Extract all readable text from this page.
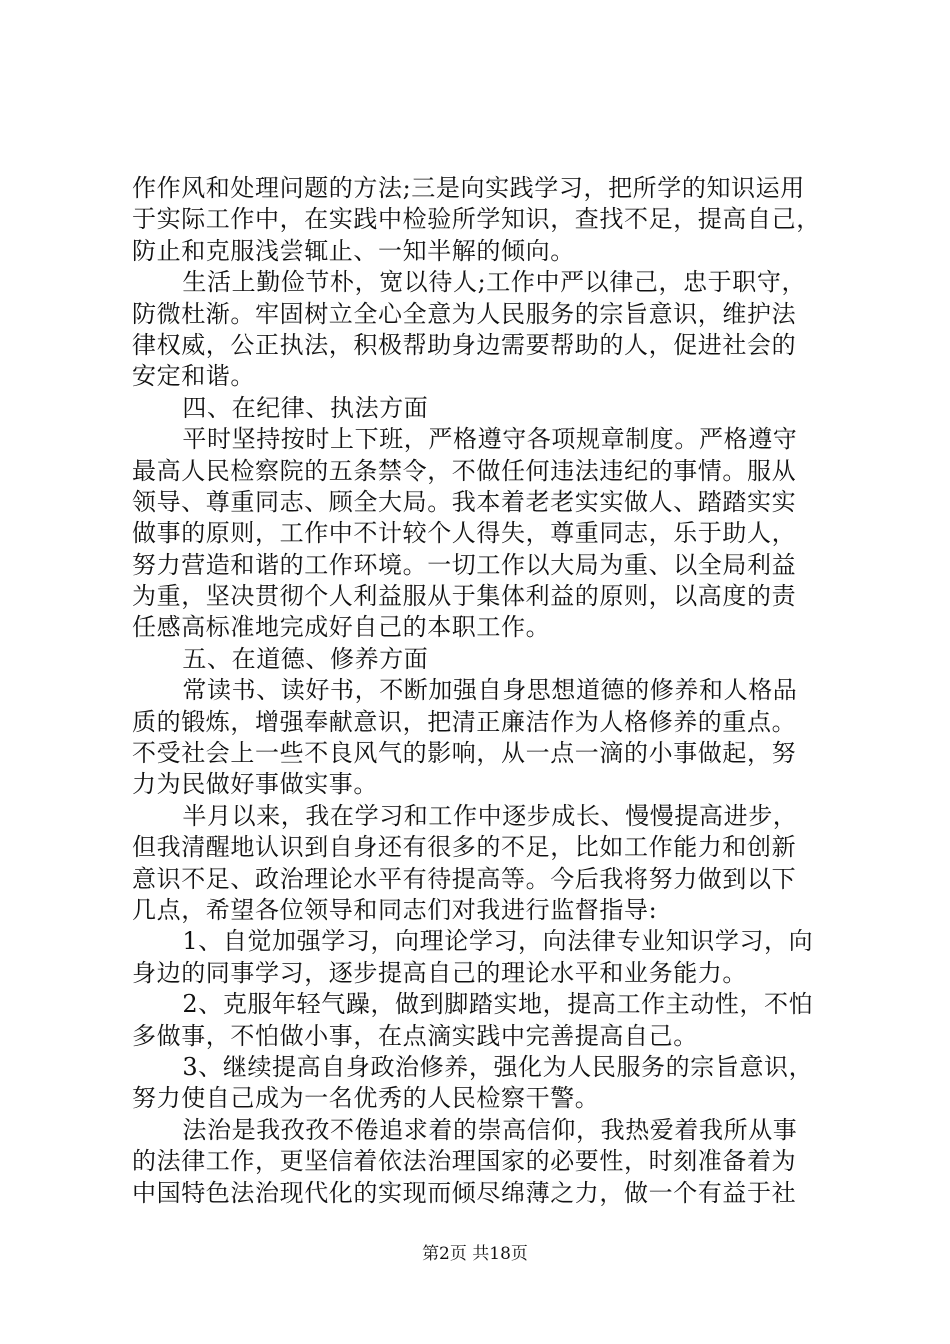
作作风和处理问题的方法;三是向实践学习，把所学的知识运用
于实际工作中，在实践中检验所学知识，查找不足，提高自己，
防止和克服浅尝辄止、一知半解的倾向。
生活上勤俭节朴，宽以待人;工作中严以律己，忠于职守，
防微杜渐。牢固树立全心全意为人民服务的宗旨意识，维护法
律权威，公正执法，积极帮助身边需要帮助的人，促进社会的
安定和谐。
四、在纪律、执法方面
平时坚持按时上下班，严格遵守各项规章制度。严格遵守
最高人民检察院的五条禁令，不做任何违法违纪的事情。服从
领导、尊重同志、顾全大局。我本着老老实实做人、踏踏实实
做事的原则，工作中不计较个人得失，尊重同志，乐于助人，
努力营造和谐的工作环境。一切工作以大局为重、以全局利益
为重，坚决贯彻个人利益服从于集体利益的原则，以高度的责
任感高标准地完成好自己的本职工作。
五、在道德、修养方面
常读书、读好书，不断加强自身思想道德的修养和人格品
质的锻炼，增强奉献意识，把清正廉洁作为人格修养的重点。
不受社会上一些不良风气的影响，从一点一滴的小事做起，努
力为民做好事做实事。
半月以来，我在学习和工作中逐步成长、慢慢提高进步，
但我清醒地认识到自身还有很多的不足，比如工作能力和创新
意识不足、政治理论水平有待提高等。今后我将努力做到以下
几点，希望各位领导和同志们对我进行监督指导:
1、自觉加强学习，向理论学习，向法律专业知识学习，向
身边的同事学习，逐步提高自己的理论水平和业务能力。
2、克服年轻气躁，做到脚踏实地，提高工作主动性，不怕
多做事，不怕做小事，在点滴实践中完善提高自己。
3、继续提高自身政治修养，强化为人民服务的宗旨意识，
努力使自己成为一名优秀的人民检察干警。
法治是我孜孜不倦追求着的崇高信仰，我热爱着我所从事
的法律工作，更坚信着依法治理国家的必要性，时刻准备着为
中国特色法治现代化的实现而倾尽绵薄之力，做一个有益于社
第2页 共18页
